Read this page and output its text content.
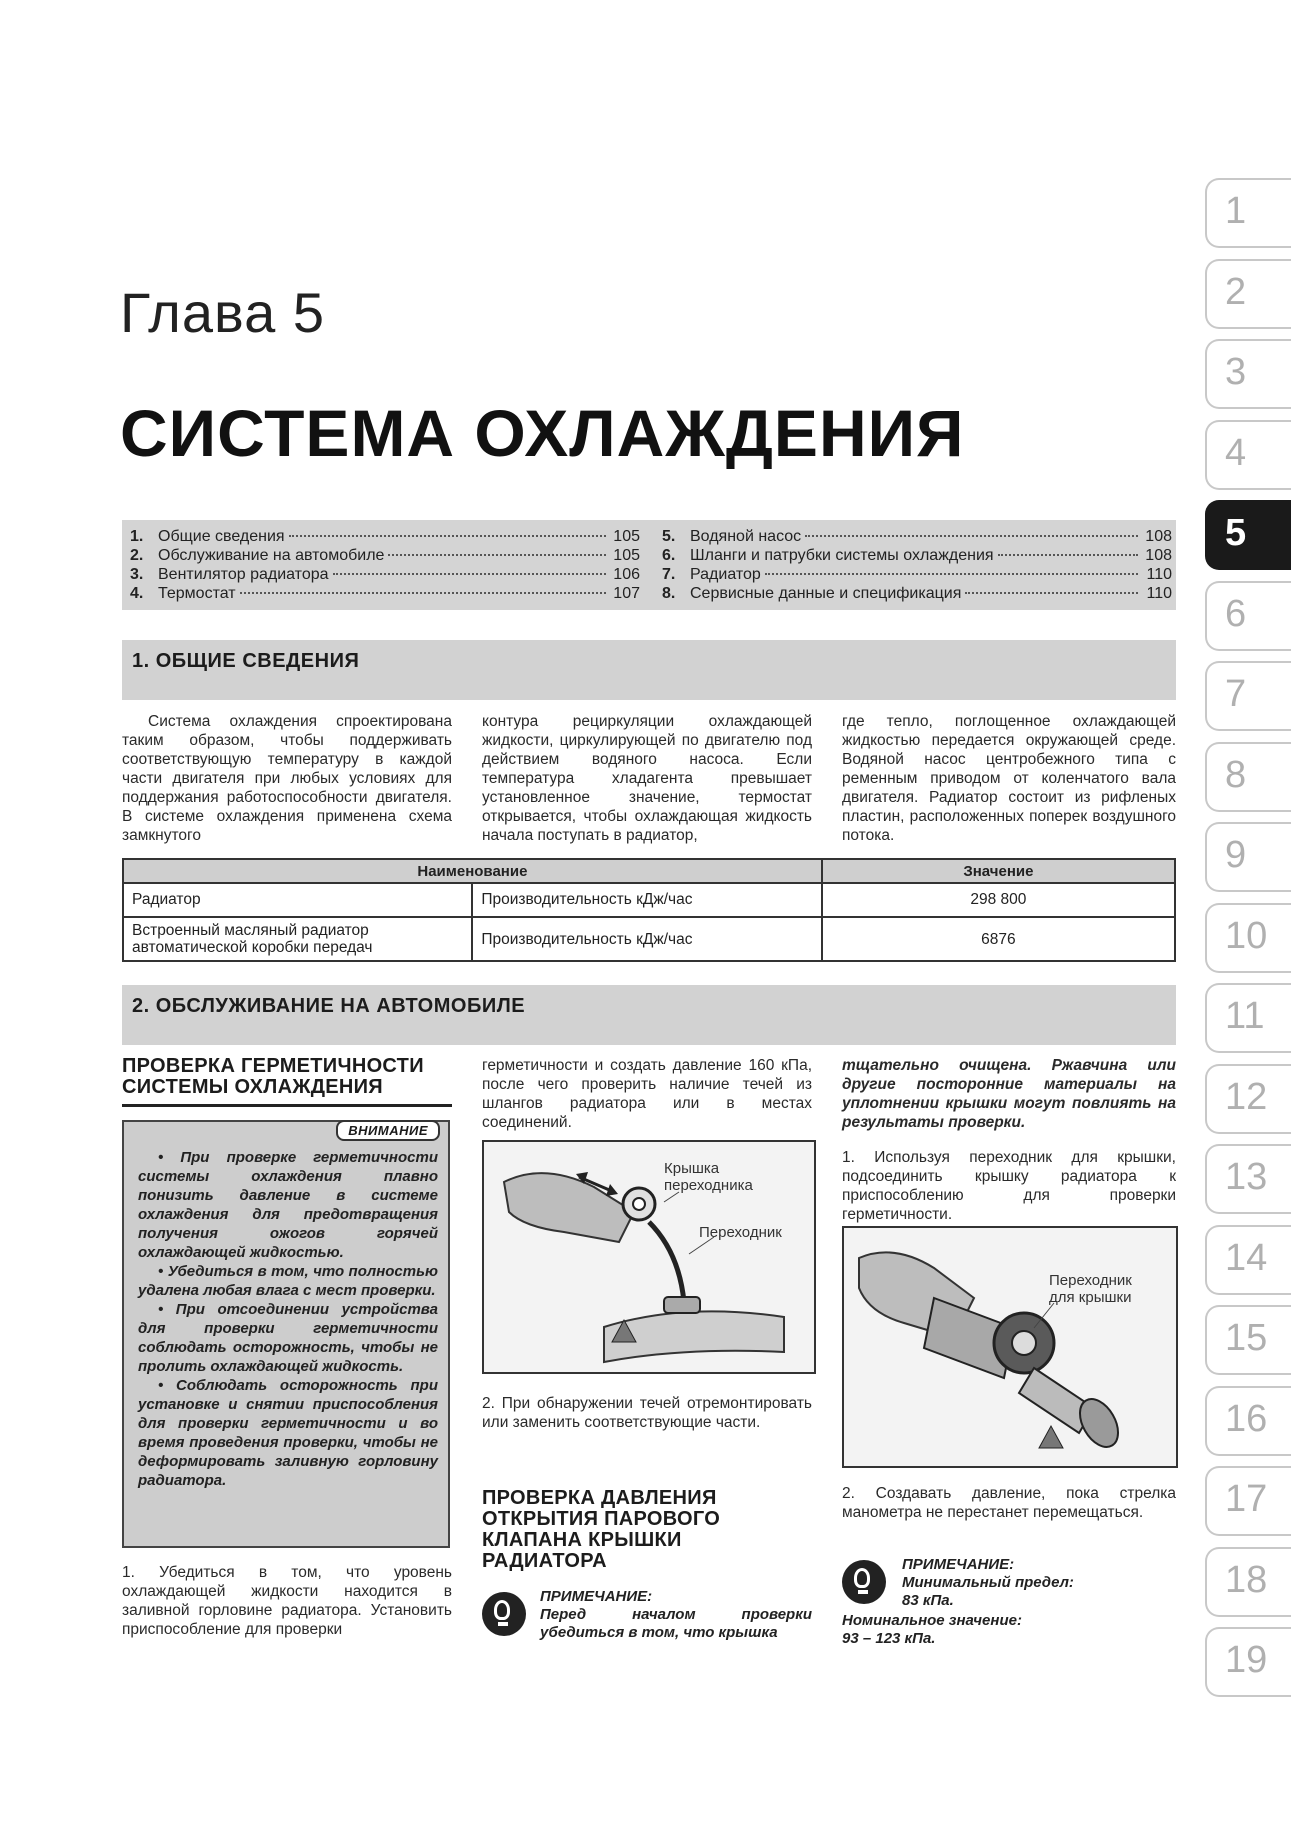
Глава 5
СИСТЕМА ОХЛАЖДЕНИЯ
1. Общие сведения	105
2. Обслуживание на автомобиле	105
3. Вентилятор радиатора	106
4. Термостат	107
5. Водяной насос	108
6. Шланги и патрубки системы охлаждения	108
7. Радиатор	110
8. Сервисные данные и спецификация	110
1. ОБЩИЕ СВЕДЕНИЯ

Система охлаждения спроектирована таким образом, чтобы поддерживать соответствующую температуру в каждой части двигателя при любых условиях для поддержания работоспособности двигателя. В системе охлаждения применена схема замкнутого

контура рециркуляции охлаждающей жидкости, циркулирующей по двигателю под действием водяного насоса. Если температура хладагента превышает установленное значение, термостат открывается, чтобы охлаждающая жидкость начала поступать в радиатор,

где тепло, поглощенное охлаждающей жидкостью передается окружающей среде. Водяной насос центробежного типа с ременным приводом от коленчатого вала двигателя. Радиатор состоит из рифленых пластин, расположенных поперек воздушного потока.

Наименование		Значение
Радиатор	Производительность кДж/час	298 800
Встроенный масляный радиатор автоматической коробки передач	Производительность кДж/час	6876
2. ОБСЛУЖИВАНИЕ НА АВТОМОБИЛЕ
ПРОВЕРКА ГЕРМЕТИЧНОСТИ СИСТЕМЫ ОХЛАЖДЕНИЯ
ВНИМАНИЕ

• При проверке герметичности системы охлаждения плавно понизить давление в системе охлаждения для предотвращения получения ожогов горячей охлаждающей жидкостью.

• Убедиться в том, что полностью удалена любая влага с мест проверки.

• При отсоединении устройства для проверки герметичности соблюдать осторожность, чтобы не пролить охлаждающей жидкость.

• Соблюдать осторожность при установке и снятии приспособления для проверки герметичности и во время проведения проверки, чтобы не деформировать заливную горловину радиатора.

1. Убедиться в том, что уровень охлаждающей жидкости находится в заливной горловине радиатора. Установить приспособление для проверки

герметичности и создать давление 160 кПа, после чего проверить наличие течей из шлангов радиатора или в местах соединений.

Крышка переходника
Переходник

2. При обнаружении течей отремонтировать или заменить соответствующие части.

ПРОВЕРКА ДАВЛЕНИЯ ОТКРЫТИЯ ПАРОВОГО КЛАПАНА КРЫШКИ РАДИАТОРА
ПРИМЕЧАНИЕ:
Перед началом проверки убедиться в том, что крышка

тщательно очищена. Ржавчина или другие посторонние материалы на уплотнении крышки могут повлиять на результаты проверки.

1. Используя переходник для крышки, подсоединить крышку радиатора к приспособлению для проверки герметичности.

Переходник для крышки

2. Создавать давление, пока стрелка манометра не перестанет перемещаться.

ПРИМЕЧАНИЕ:
Минимальный предел:
83 кПа.
Номинальное значение:
93 – 123 кПа.
1
2
3
4
5
6
7
8
9
10
11
12
13
14
15
16
17
18
19
